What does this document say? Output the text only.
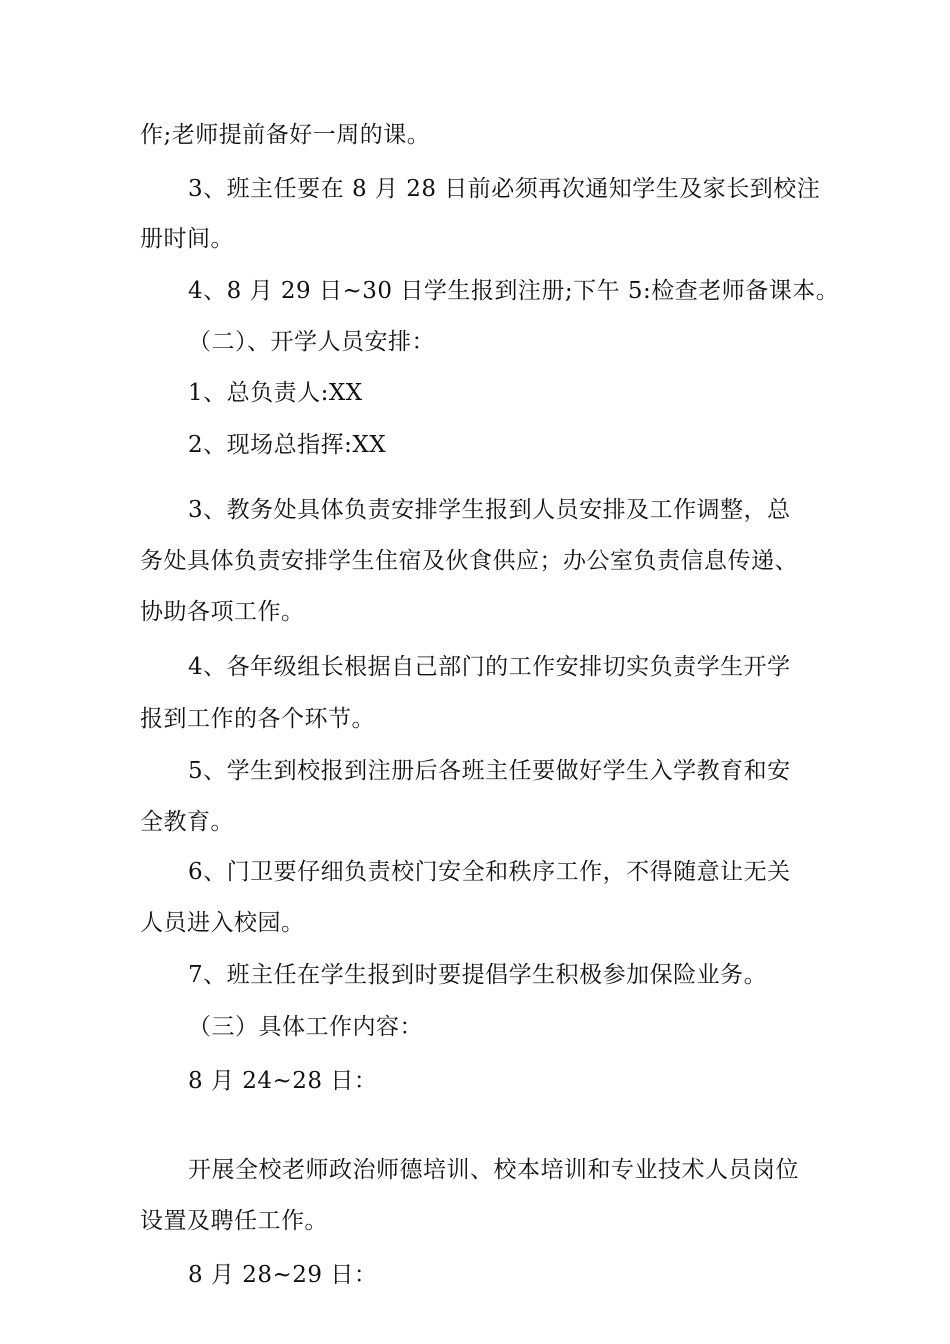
作;老师提前备好一周的课。
3、班主任要在 8 月 28 日前必须再次通知学生及家长到校注
册时间。
4、8 月 29 日~30 日学生报到注册;下午 5:检查老师备课本。
（二）、开学人员安排：
1、总负责人:XX
2、现场总指挥:XX
3、教务处具体负责安排学生报到人员安排及工作调整，总
务处具体负责安排学生住宿及伙食供应；办公室负责信息传递、
协助各项工作。
4、各年级组长根据自己部门的工作安排切实负责学生开学
报到工作的各个环节。
5、学生到校报到注册后各班主任要做好学生入学教育和安
全教育。
6、门卫要仔细负责校门安全和秩序工作，不得随意让无关
人员进入校园。
7、班主任在学生报到时要提倡学生积极参加保险业务。
（三）具体工作内容：
8 月 24~28 日：
开展全校老师政治师德培训、校本培训和专业技术人员岗位
设置及聘任工作。
8 月 28~29 日：
